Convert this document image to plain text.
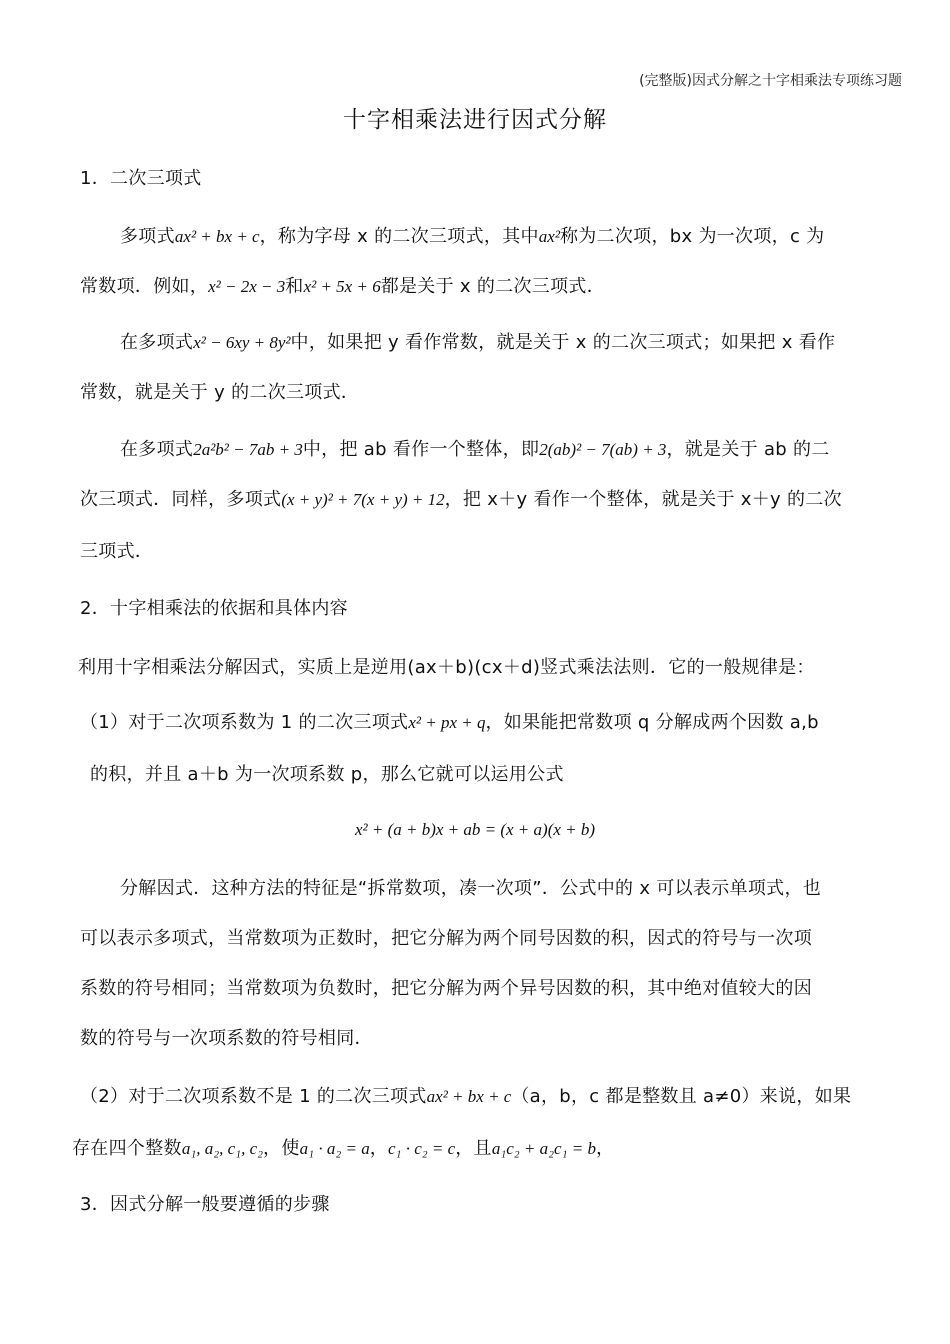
(完整版)因式分解之十字相乘法专项练习题
十字相乘法进行因式分解
1．二次三项式
多项式ax² + bx + c，称为字母 x 的二次三项式，其中ax²称为二次项，bx 为一次项，c 为
常数项．例如，x² − 2x − 3和x² + 5x + 6都是关于 x 的二次三项式．
在多项式x² − 6xy + 8y²中，如果把 y 看作常数，就是关于 x 的二次三项式；如果把 x 看作
常数，就是关于 y 的二次三项式．
在多项式2a²b² − 7ab + 3中，把 ab 看作一个整体，即2(ab)² − 7(ab) + 3，就是关于 ab 的二
次三项式．同样，多项式(x + y)² + 7(x + y) + 12，把 x＋y 看作一个整体，就是关于 x＋y 的二次
三项式．
2．十字相乘法的依据和具体内容
利用十字相乘法分解因式，实质上是逆用(ax＋b)(cx＋d)竖式乘法法则．它的一般规律是：
（1）对于二次项系数为 1 的二次三项式x² + px + q，如果能把常数项 q 分解成两个因数 a,b
的积，并且 a＋b 为一次项系数 p，那么它就可以运用公式
x² + (a + b)x + ab = (x + a)(x + b)
分解因式．这种方法的特征是“拆常数项，凑一次项”．公式中的 x 可以表示单项式，也
可以表示多项式，当常数项为正数时，把它分解为两个同号因数的积，因式的符号与一次项
系数的符号相同；当常数项为负数时，把它分解为两个异号因数的积，其中绝对值较大的因
数的符号与一次项系数的符号相同．
（2）对于二次项系数不是 1 的二次三项式ax² + bx + c（a，b，c 都是整数且 a≠0）来说，如果
存在四个整数a₁, a₂, c₁, c₂，使a₁ · a₂ = a，c₁ · c₂ = c，且a₁c₂ + a₂c₁ = b，
3．因式分解一般要遵循的步骤
